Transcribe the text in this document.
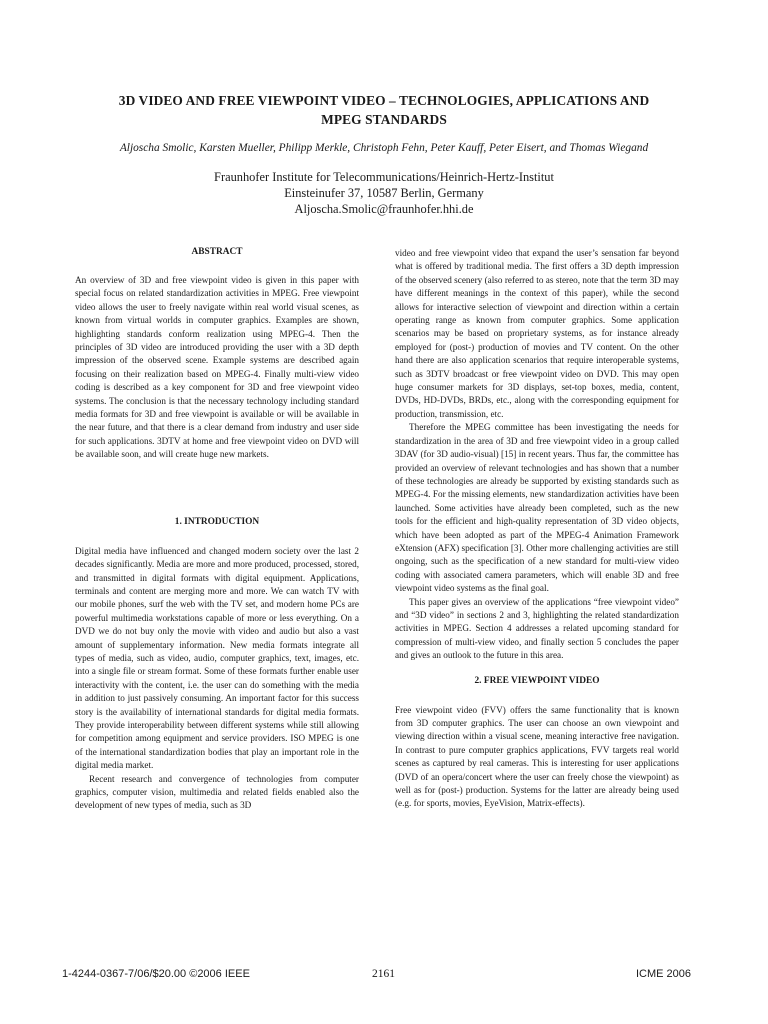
3D VIDEO AND FREE VIEWPOINT VIDEO – TECHNOLOGIES, APPLICATIONS AND
MPEG STANDARDS
Aljoscha Smolic, Karsten Mueller, Philipp Merkle, Christoph Fehn, Peter Kauff, Peter Eisert, and Thomas Wiegand
Fraunhofer Institute for Telecommunications/Heinrich-Hertz-Institut
Einsteinufer 37, 10587 Berlin, Germany
Aljoscha.Smolic@fraunhofer.hhi.de
ABSTRACT

An overview of 3D and free viewpoint video is given in this paper with special focus on related standardization activities in MPEG. Free viewpoint video allows the user to freely navigate within real world visual scenes, as known from virtual worlds in computer graphics. Examples are shown, highlighting standards conform realization using MPEG-4. Then the principles of 3D video are introduced providing the user with a 3D depth impression of the observed scene. Example systems are described again focusing on their realization based on MPEG-4. Finally multi-view video coding is described as a key component for 3D and free viewpoint video systems. The conclusion is that the necessary technology including standard media formats for 3D and free viewpoint is available or will be available in the near future, and that there is a clear demand from industry and user side for such applications. 3DTV at home and free viewpoint video on DVD will be available soon, and will create huge new markets.

1. INTRODUCTION

Digital media have influenced and changed modern society over the last 2 decades significantly. Media are more and more produced, processed, stored, and transmitted in digital formats with digital equipment. Applications, terminals and content are merging more and more. We can watch TV with our mobile phones, surf the web with the TV set, and modern home PCs are powerful multimedia workstations capable of more or less everything. On a DVD we do not buy only the movie with video and audio but also a vast amount of supplementary information. New media formats integrate all types of media, such as video, audio, computer graphics, text, images, etc. into a single file or stream format. Some of these formats further enable user interactivity with the content, i.e. the user can do something with the media in addition to just passively consuming. An important factor for this success story is the availability of international standards for digital media formats. They provide interoperability between different systems while still allowing for competition among equipment and service providers. ISO MPEG is one of the international standardization bodies that play an important role in the digital media market.

Recent research and convergence of technologies from computer graphics, computer vision, multimedia and related fields enabled also the development of new types of media, such as 3D

video and free viewpoint video that expand the user’s sensation far beyond what is offered by traditional media. The first offers a 3D depth impression of the observed scenery (also referred to as stereo, note that the term 3D may have different meanings in the context of this paper), while the second allows for interactive selection of viewpoint and direction within a certain operating range as known from computer graphics. Some application scenarios may be based on proprietary systems, as for instance already employed for (post-) production of movies and TV content. On the other hand there are also application scenarios that require interoperable systems, such as 3DTV broadcast or free viewpoint video on DVD. This may open huge consumer markets for 3D displays, set-top boxes, media, content, DVDs, HD-DVDs, BRDs, etc., along with the corresponding equipment for production, transmission, etc.

Therefore the MPEG committee has been investigating the needs for standardization in the area of 3D and free viewpoint video in a group called 3DAV (for 3D audio-visual) [15] in recent years. Thus far, the committee has provided an overview of relevant technologies and has shown that a number of these technologies are already be supported by existing standards such as MPEG-4. For the missing elements, new standardization activities have been launched. Some activities have already been completed, such as the new tools for the efficient and high-quality representation of 3D video objects, which have been adopted as part of the MPEG-4 Animation Framework eXtension (AFX) specification [3]. Other more challenging activities are still ongoing, such as the specification of a new standard for multi-view video coding with associated camera parameters, which will enable 3D and free viewpoint video systems as the final goal.

This paper gives an overview of the applications “free viewpoint video” and “3D video” in sections 2 and 3, highlighting the related standardization activities in MPEG. Section 4 addresses a related upcoming standard for compression of multi-view video, and finally section 5 concludes the paper and gives an outlook to the future in this area.

2. FREE VIEWPOINT VIDEO

Free viewpoint video (FVV) offers the same functionality that is known from 3D computer graphics. The user can choose an own viewpoint and viewing direction within a visual scene, meaning interactive free navigation. In contrast to pure computer graphics applications, FVV targets real world scenes as captured by real cameras. This is interesting for user applications (DVD of an opera/concert where the user can freely chose the viewpoint) as well as for (post-) production. Systems for the latter are already being used (e.g. for sports, movies, EyeVision, Matrix-effects).

1-4244-0367-7/06/$20.00 ©2006 IEEE	2161	ICME 2006
